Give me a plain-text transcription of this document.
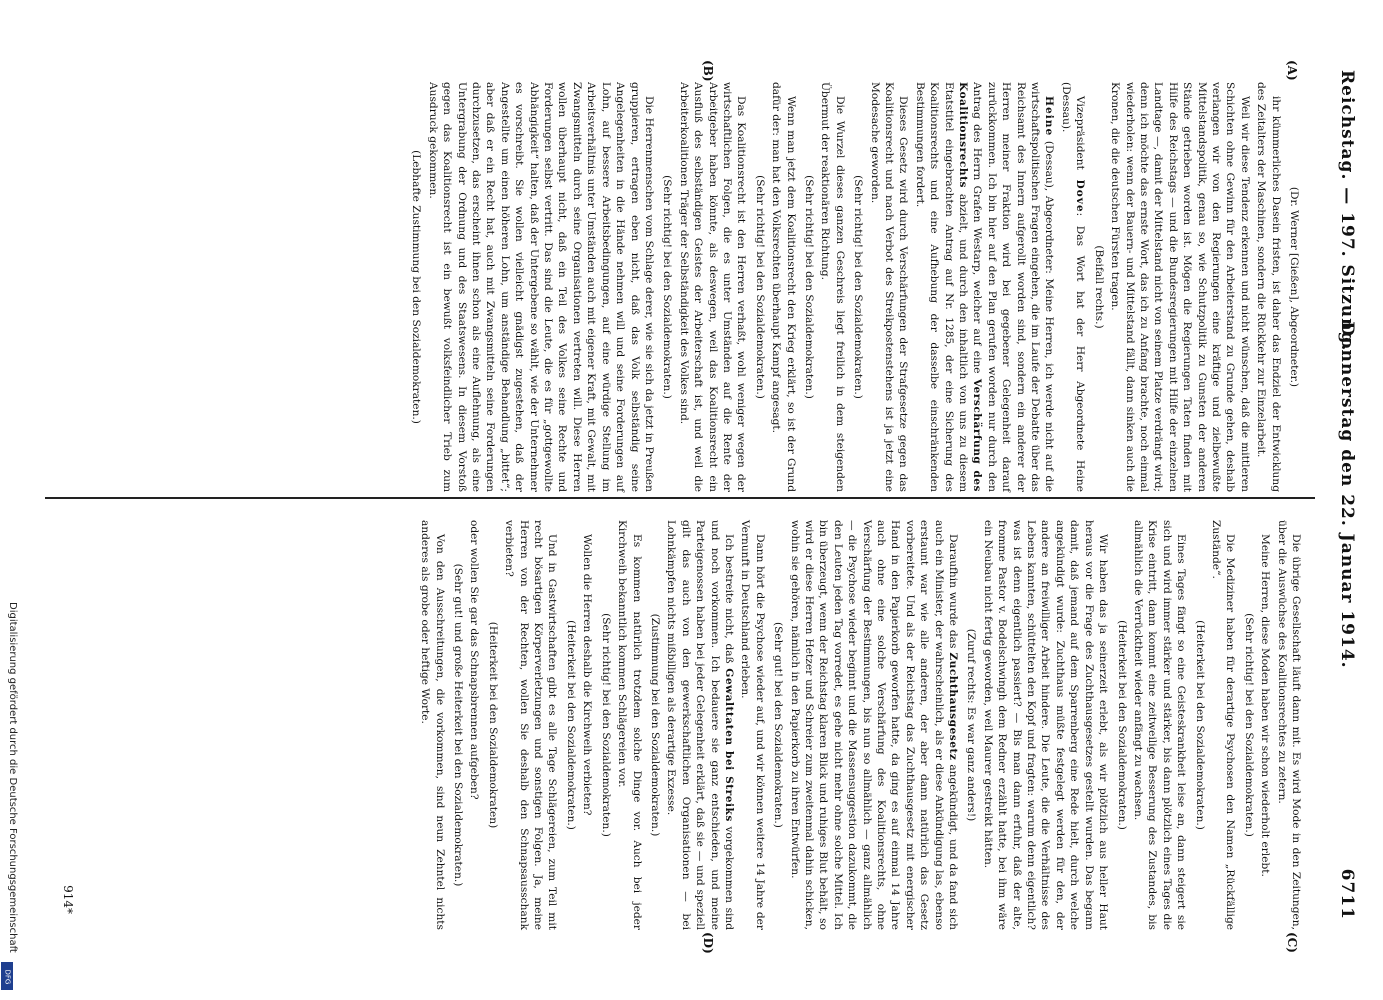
Reichstag. — 197. Sitzung.
Donnerstag den 22. Januar 1914.
6711
(A)
(B)
(C)
(D)
(Dr. Werner [Gießen], Abgeordneter.)

ihr kümmerliches Dasein fristen, ist daher das Endziel der Entwicklung des Zeitalters der Maschinen, sondern die Rückkehr zur Einzelarbeit.

Weil wir diese Tendenz erkennen und nicht wünschen, daß die mittleren Schichten ohne Gewinn für den Arbeiterstand zu Grunde gehen, deshalb verlangen wir von den Regierungen eine kräftige und zielbewußte Mittelstandspolitik, genau so, wie Schutzpolitik zu Gunsten der anderen Stände getrieben worden ist. Mögen die Regierungen Taten finden mit Hilfe des Reichstags — und die Bundesregierungen mit Hilfe der einzelnen Landtage —, damit der Mittelstand nicht von seinem Platze verdrängt wird; denn ich möchte das ernste Wort, das ich zu Anfang brachte, noch einmal wiederholen: wenn der Bauern- und Mittelstand fällt, dann sinken auch die Kronen, die die deutschen Fürsten tragen.

(Beifall rechts.)

Vizepräsident Dove: Das Wort hat der Herr Abgeordnete Heine (Dessau).

Heine (Dessau), Abgeordneter: Meine Herren, ich werde nicht auf die wirtschaftspolitischen Fragen eingehen, die im Laufe der Debatte über das Reichsamt des Innern aufgerollt worden sind, sondern ein anderer der Herren meiner Fraktion wird bei gegebener Gelegenheit darauf zurückkommen. Ich bin hier auf den Plan gerufen worden nur durch den Antrag des Herrn Grafen Westarp, welcher auf eine Verschärfung des Koalitionsrechts abzielt, und durch den inhaltlich von uns zu diesem Etatstitel eingebrachten Antrag auf Nr. 1285, der eine Sicherung des Koalitionsrechts und eine Aufhebung der dasselbe einschränkenden Bestimmungen fordert.

Dieses Gesetz wird durch Verschärfungen der Strafgesetze gegen das Koalitionsrecht und nach Verbot des Streikpostenstehens ist ja jetzt eine Modesache geworden.

(Sehr richtig! bei den Sozialdemokraten.)

Die Wurzel dieses ganzen Geschreis liegt freilich in dem steigenden Übermut der reaktionären Richtung.

(Sehr richtig! bei den Sozialdemokraten.)

Wenn man jetzt dem Koalitionsrecht den Krieg erklärt, so ist der Grund dafür der: man hat den Volksrechten überhaupt Kampf angesagt.

(Sehr richtig! bei den Sozialdemokraten.)

Das Koalitionsrecht ist den Herren verhaßt, wohl weniger wegen der wirtschaftlichen Folgen, die es unter Umständen auf die Rente der Arbeitgeber haben könnte, als deswegen, weil das Koalitionsrecht ein Ausfluß des selbständigen Geistes der Arbeiterschaft ist, und weil die Arbeiterkoalitionen Träger der Selbständigkeit des Volkes sind.

(Sehr richtig! bei den Sozialdemokraten.)

Die Herrenmenschen vom Schlage derer, wie sie sich da jetzt in Preußen gruppieren, ertragen eben nicht, daß das Volk selbständig seine Angelegenheiten in die Hände nehmen will und seine Forderungen auf Lohn, auf bessere Arbeitsbedingungen, auf eine würdige Stellung im Arbeitsverhältnis unter Umständen auch mit eigener Kraft, mit Gewalt, mit Zwangsmitteln durch seine Organisationen vertreten will. Diese Herren wollen überhaupt nicht, daß ein Teil des Volkes seine Rechte und Forderungen selbst vertritt. Das sind die Leute, die es für „gottgewollte Abhängigkeit“ halten, daß der Untergebene so wählt, wie der Unternehmer es vorschreibt. Sie wollen vielleicht gnädigst zugestehen, daß der Angestellte um einen höheren Lohn, um anständige Behandlung „bittet“; aber daß er ein Recht hat, auch mit Zwangsmitteln seine Forderungen durchzusetzen, das erscheint ihnen schon als eine Auflehnung, als eine Untergrabung der Ordnung und des Staatswesens. In diesem Vorstoß gegen das Koalitionsrecht ist ein bewußt volksfeindlicher Trieb zum Ausdruck gekommen.

(Lebhafte Zustimmung bei den Sozialdemokraten.)

Die übrige Gesellschaft läuft dann mit. Es wird Mode in den Zeitungen, über die Auswüchse des Koalitionsrechtes zu zetern.

Meine Herren, diese Moden haben wir schon wiederholt erlebt.

(Sehr richtig! bei den Sozialdemokraten.)

Die Mediziner haben für derartige Psychosen den Namen „Rückfällige Zustände“.

(Heiterkeit bei den Sozialdemokraten.)

Eines Tages fängt so eine Geisteskrankheit leise an, dann steigert sie sich und wird immer stärker und stärker, bis dann plötzlich eines Tages die Krise eintritt, dann kommt eine zeitweilige Besserung des Zustandes, bis allmählich die Verrücktheit wieder anfängt zu wachsen.

(Heiterkeit bei den Sozialdemokraten.)

Wir haben das ja seinerzeit erlebt, als wir plötzlich aus heller Haut heraus vor die Frage des Zuchthausgesetzes gestellt wurden. Das begann damit, daß jemand auf dem Sparrenberg eine Rede hielt, durch welche angekündigt wurde: Zuchthaus müßte festgelegt werden für den, der andere an freiwilliger Arbeit hindere. Die Leute, die die Verhältnisse des Lebens kannten, schüttelten den Kopf und fragten: warum denn eigentlich? was ist denn eigentlich passiert? — Bis man dann erfuhr, daß der alte, fromme Pastor v. Bodelschwingh dem Redner erzählt hatte, bei ihm wäre ein Neubau nicht fertig geworden, weil Maurer gestreikt hätten.

(Zuruf rechts: Es war ganz anders!)

Daraufhin wurde das Zuchthausgesetz angekündigt, und da fand sich auch ein Minister, der wahrscheinlich, als er diese Ankündigung las, ebenso erstaunt war wie alle anderen, der aber dann natürlich das Gesetz vorbereitete. Und als der Reichstag das Zuchthausgesetz mit energischer Hand in den Papierkorb geworfen hatte, da ging es auf einmal 14 Jahre auch ohne eine solche Verschärfung des Koalitionsrechts, ohne Verschärfung der Bestimmungen, bis nun so allmählich — ganz allmählich — die Psychose wieder beginnt und die Massensuggestion dazukommt, die den Leuten jeden Tag vorredet, es gehe nicht mehr ohne solche Mittel. Ich bin überzeugt, wenn der Reichstag klaren Blick und ruhiges Blut behält, so wird er diese Herren Hetzer und Schreier zum zweitenmal dahin schicken, wohin sie gehören, nämlich in den Papierkorb zu ihren Entwürfen.

(Sehr gut! bei den Sozialdemokraten.)

Dann hört die Psychose wieder auf, und wir können weitere 14 Jahre der Vernunft in Deutschland erleben.

Ich bestreite nicht, daß Gewalttaten bei Streiks vorgekommen sind und noch vorkommen. Ich bedauere sie ganz entschieden, und meine Parteigenossen haben bei jeder Gelegenheit erklärt, daß sie — und speziell gilt das auch von den gewerkschaftlichen Organisationen — bei Lohnkämpfen nichts mißbilligen als derartige Exzesse.

(Zustimmung bei den Sozialdemokraten.)

Es kommen natürlich trotzdem solche Dinge vor. Auch bei jeder Kirchweih bekanntlich kommen Schlägereien vor.

(Sehr richtig! bei den Sozialdemokraten.)

Wollen die Herren deshalb die Kirchweih verbieten?

(Heiterkeit bei den Sozialdemokraten.)

Und in Gastwirtschaften gibt es alle Tage Schlägereien, zum Teil mit recht bösartigen Körperverletzungen und sonstigen Folgen. Ja, meine Herren von der Rechten, wollen Sie deshalb den Schnapsausschank verbieten?

(Heiterkeit bei den Sozialdemokraten)

oder wollen Sie gar das Schnapsbrennen aufgeben?

(Sehr gut! und große Heiterkeit bei den Sozialdemokraten.)

Von den Ausschreitungen, die vorkommen, sind neun Zehntel nichts anderes als grobe oder heftige Worte.

914*
Digitalisierung gefördert durch die Deutsche Forschungsgemeinschaft
DFG
